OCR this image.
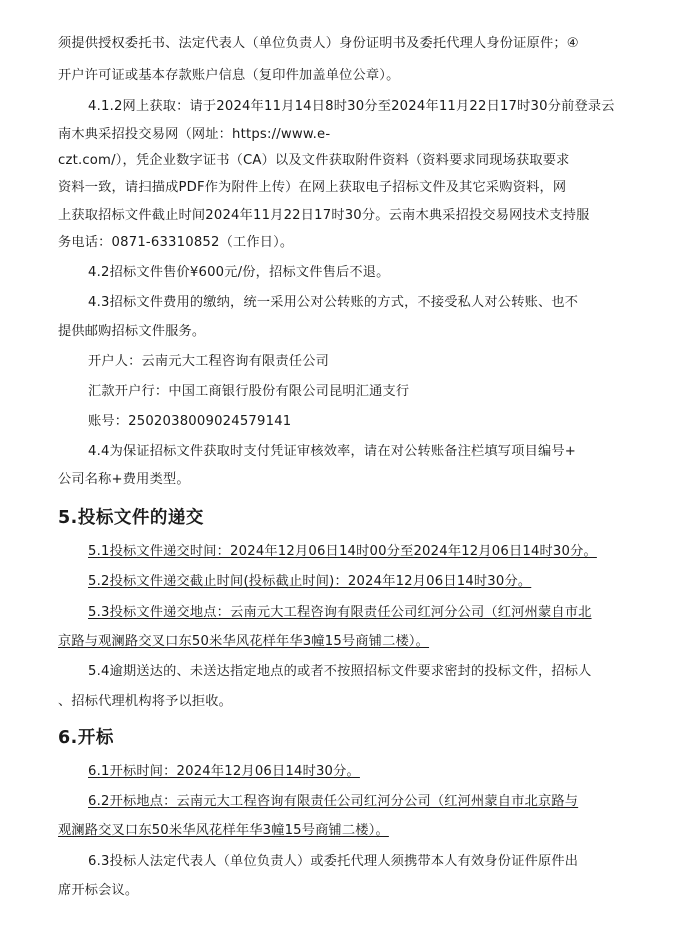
须提供授权委托书、法定代表人（单位负责人）身份证明书及委托代理人身份证原件；④
开户许可证或基本存款账户信息（复印件加盖单位公章）。
4.1.2网上获取：请于2024年11月14日8时30分至2024年11月22日17时30分前登录云
南木典采招投交易网（网址：https://www.e-
czt.com/），凭企业数字证书（CA）以及文件获取附件资料（资料要求同现场获取要求
资料一致，请扫描成PDF作为附件上传）在网上获取电子招标文件及其它采购资料，网
上获取招标文件截止时间2024年11月22日17时30分。云南木典采招投交易网技术支持服
务电话：0871-63310852（工作日）。
4.2招标文件售价¥600元/份，招标文件售后不退。
4.3招标文件费用的缴纳，统一采用公对公转账的方式，不接受私人对公转账、也不
提供邮购招标文件服务。
开户人：云南元大工程咨询有限责任公司
汇款开户行：中国工商银行股份有限公司昆明汇通支行
账号：2502038009024579141
4.4为保证招标文件获取时支付凭证审核效率，请在对公转账备注栏填写项目编号+
公司名称+费用类型。
5.投标文件的递交
5.1投标文件递交时间：2024年12月06日14时00分至2024年12月06日14时30分。
5.2投标文件递交截止时间(投标截止时间)：2024年12月06日14时30分。
5.3投标文件递交地点：云南元大工程咨询有限责任公司红河分公司（红河州蒙自市北
京路与观澜路交叉口东50米华风花样年华3幢15号商铺二楼）。
5.4逾期送达的、未送达指定地点的或者不按照招标文件要求密封的投标文件，招标人
、招标代理机构将予以拒收。
6.开标
6.1开标时间：2024年12月06日14时30分。
6.2开标地点：云南元大工程咨询有限责任公司红河分公司（红河州蒙自市北京路与
观澜路交叉口东50米华风花样年华3幢15号商铺二楼）。
6.3投标人法定代表人（单位负责人）或委托代理人须携带本人有效身份证件原件出
席开标会议。
